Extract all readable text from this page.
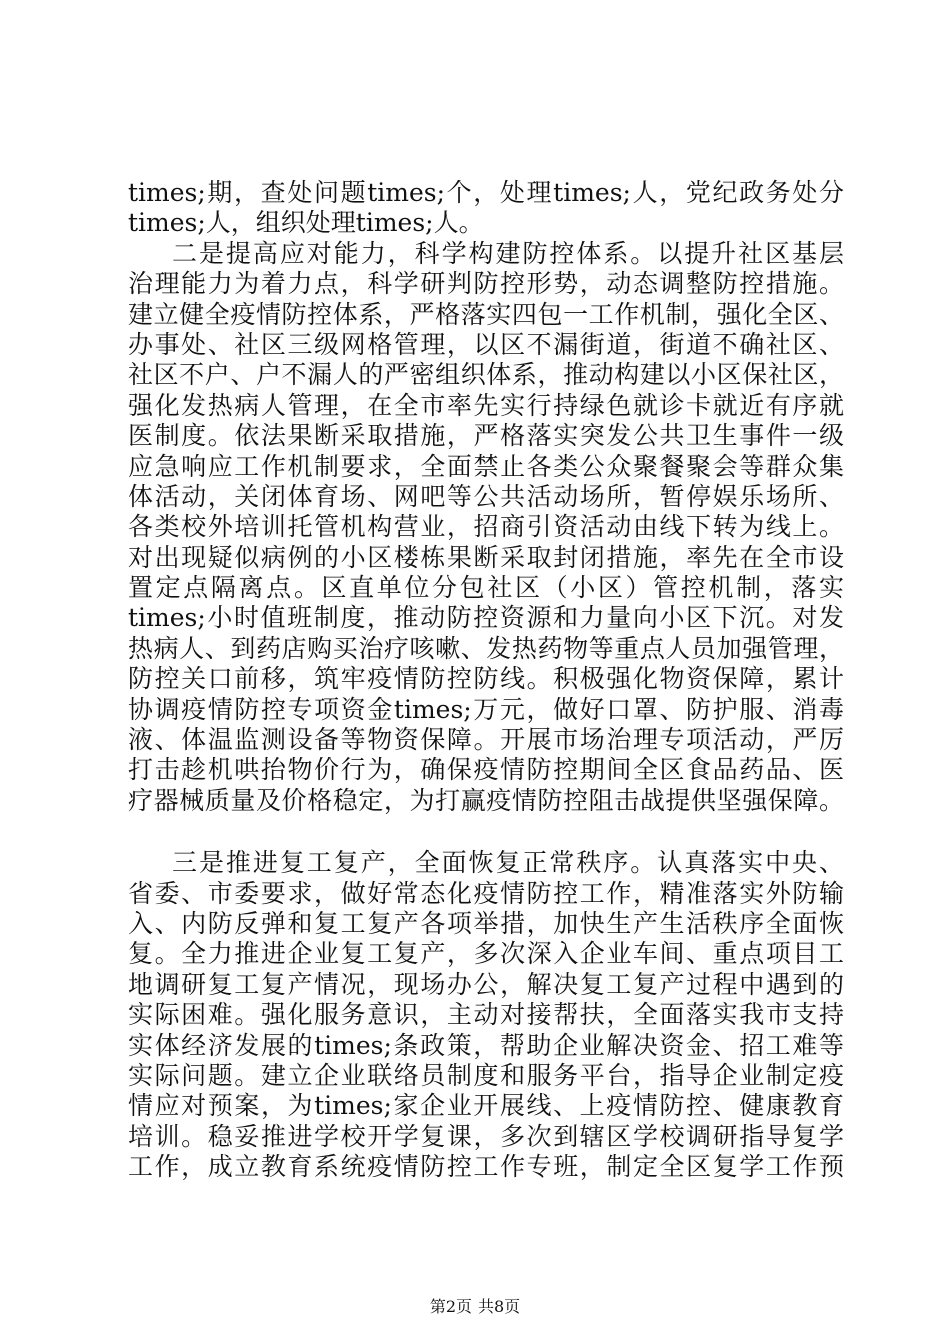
times;期，查处问题times;个，处理times;人，党纪政务处分
times;人，组织处理times;人。
二是提高应对能力，科学构建防控体系。以提升社区基层
治理能力为着力点，科学研判防控形势，动态调整防控措施。
建立健全疫情防控体系，严格落实四包一工作机制，强化全区、
办事处、社区三级网格管理，以区不漏街道，街道不确社区、
社区不户、户不漏人的严密组织体系，推动构建以小区保社区，
强化发热病人管理，在全市率先实行持绿色就诊卡就近有序就
医制度。依法果断采取措施，严格落实突发公共卫生事件一级
应急响应工作机制要求，全面禁止各类公众聚餐聚会等群众集
体活动，关闭体育场、网吧等公共活动场所，暂停娱乐场所、
各类校外培训托管机构营业，招商引资活动由线下转为线上。
对出现疑似病例的小区楼栋果断采取封闭措施，率先在全市设
置定点隔离点。区直单位分包社区（小区）管控机制，落实
times;小时值班制度，推动防控资源和力量向小区下沉。对发
热病人、到药店购买治疗咳嗽、发热药物等重点人员加强管理，
防控关口前移，筑牢疫情防控防线。积极强化物资保障，累计
协调疫情防控专项资金times;万元，做好口罩、防护服、消毒
液、体温监测设备等物资保障。开展市场治理专项活动，严厉
打击趁机哄抬物价行为，确保疫情防控期间全区食品药品、医
疗器械质量及价格稳定，为打赢疫情防控阻击战提供坚强保障。
三是推进复工复产，全面恢复正常秩序。认真落实中央、
省委、市委要求，做好常态化疫情防控工作，精准落实外防输
入、内防反弹和复工复产各项举措，加快生产生活秩序全面恢
复。全力推进企业复工复产，多次深入企业车间、重点项目工
地调研复工复产情况，现场办公，解决复工复产过程中遇到的
实际困难。强化服务意识，主动对接帮扶，全面落实我市支持
实体经济发展的times;条政策，帮助企业解决资金、招工难等
实际问题。建立企业联络员制度和服务平台，指导企业制定疫
情应对预案，为times;家企业开展线、上疫情防控、健康教育
培训。稳妥推进学校开学复课，多次到辖区学校调研指导复学
工作，成立教育系统疫情防控工作专班，制定全区复学工作预
第2页 共8页
